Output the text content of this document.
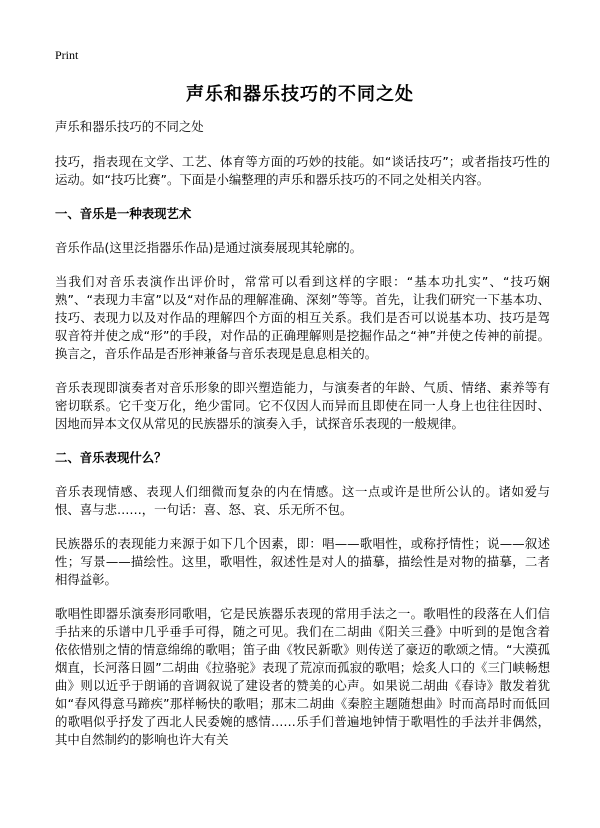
Print
声乐和器乐技巧的不同之处

声乐和器乐技巧的不同之处

技巧，指表现在文学、工艺、体育等方面的巧妙的技能。如“谈话技巧”；或者指技巧性的运动。如“技巧比赛”。下面是小编整理的声乐和器乐技巧的不同之处相关内容。

一、音乐是一种表现艺术

音乐作品(这里泛指器乐作品)是通过演奏展现其轮廓的。

当我们对音乐表演作出评价时，常常可以看到这样的字眼：“基本功扎实”、“技巧娴熟”、“表现力丰富”以及“对作品的理解准确、深刻”等等。首先，让我们研究一下基本功、技巧、表现力以及对作品的理解四个方面的相互关系。我们是否可以说基本功、技巧是驾驭音符并使之成“形”的手段，对作品的正确理解则是挖掘作品之“神”并使之传神的前提。换言之，音乐作品是否形神兼备与音乐表现是息息相关的。

音乐表现即演奏者对音乐形象的即兴塑造能力，与演奏者的年龄、气质、情绪、素养等有密切联系。它千变万化，绝少雷同。它不仅因人而异而且即使在同一人身上也往往因时、因地而异本文仅从常见的民族器乐的演奏入手，试探音乐表现的一般规律。

二、音乐表现什么？

音乐表现情感、表现人们细微而复杂的内在情感。这一点或许是世所公认的。诸如爱与恨、喜与悲……，一句话：喜、怒、哀、乐无所不包。

民族器乐的表现能力来源于如下几个因素，即：唱——歌唱性，或称抒情性；说——叙述性；写景——描绘性。这里，歌唱性，叙述性是对人的描摹，描绘性是对物的描摹，二者相得益彰。

歌唱性即器乐演奏形同歌唱，它是民族器乐表现的常用手法之一。歌唱性的段落在人们信手拈来的乐谱中几乎垂手可得，随之可见。我们在二胡曲《阳关三叠》中听到的是饱含着依依惜别之情的情意绵绵的歌唱；笛子曲《牧民新歌》则传送了豪迈的歌颂之情。“大漠孤烟直，长河落日圆”二胡曲《拉骆驼》表现了荒凉而孤寂的歌唱；烩炙人口的《三门峡畅想曲》则以近乎于朗诵的音调叙说了建设者的赞美的心声。如果说二胡曲《春诗》散发着犹如“春风得意马蹄疾”那样畅快的歌唱；那末二胡曲《秦腔主题随想曲》时而高昂时而低回的歌唱似乎抒发了西北人民委婉的感情……乐手们普遍地钟情于歌唱性的手法并非偶然，其中自然制约的影响也许大有关
